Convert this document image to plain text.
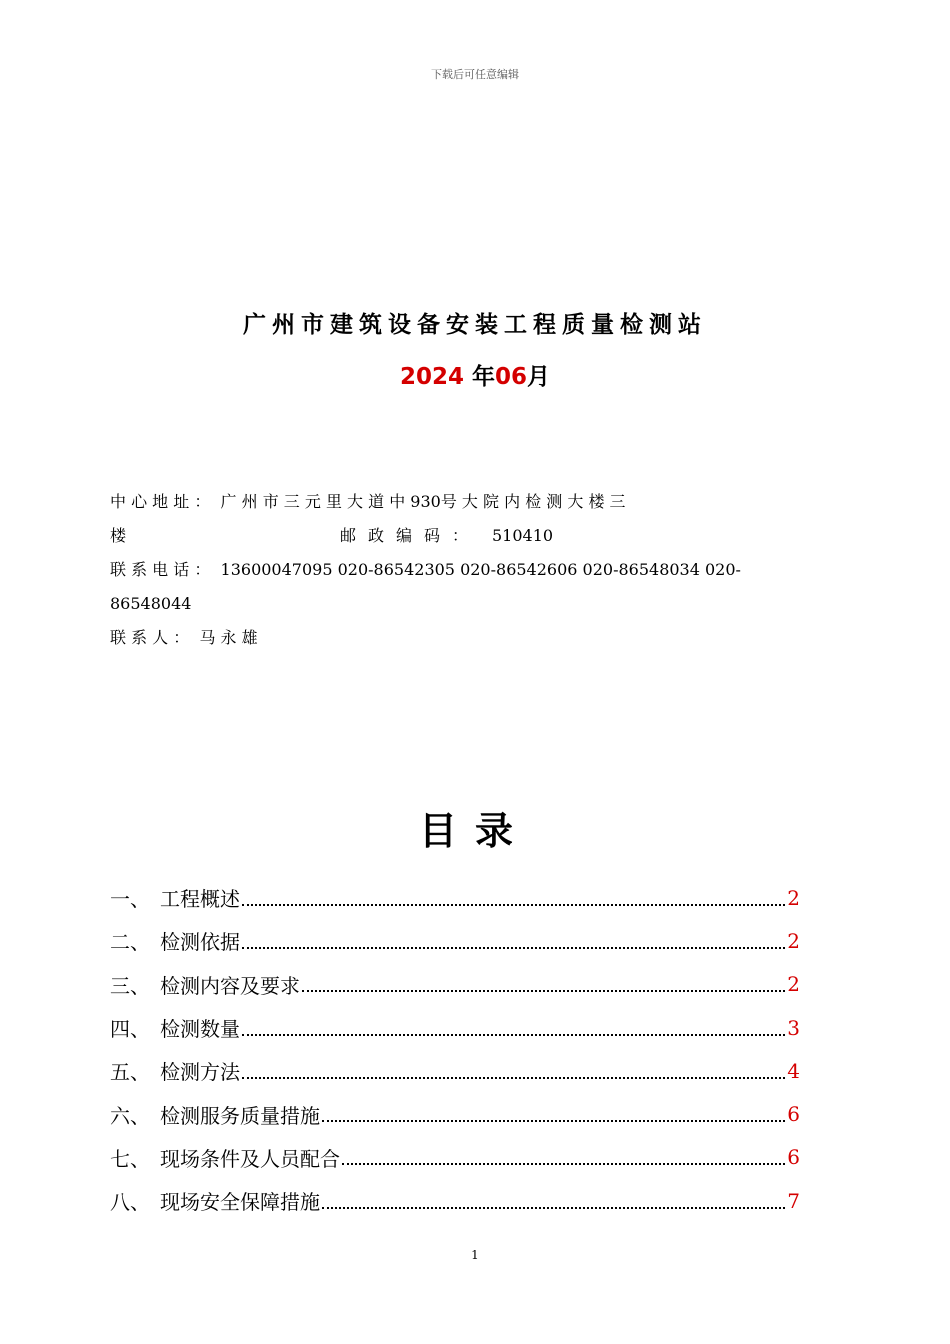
下载后可任意编辑
广州市建筑设备安装工程质量检测站
2024 年06月
中 心 地 址 ： 广 州 市 三 元 里 大 道 中 930号 大 院 内 检 测 大 楼 三
楼	邮政编码： 510410
联 系 电 话 ： 13600047095 020-86542305 020-86542606 020-86548034 020-
86548044
联 系 人 ： 马 永 雄
目录
一、 工程概述	2
二、 检测依据	2
三、 检测内容及要求	2
四、 检测数量	3
五、 检测方法	4
六、 检测服务质量措施	6
七、 现场条件及人员配合	6
八、 现场安全保障措施	7
1
